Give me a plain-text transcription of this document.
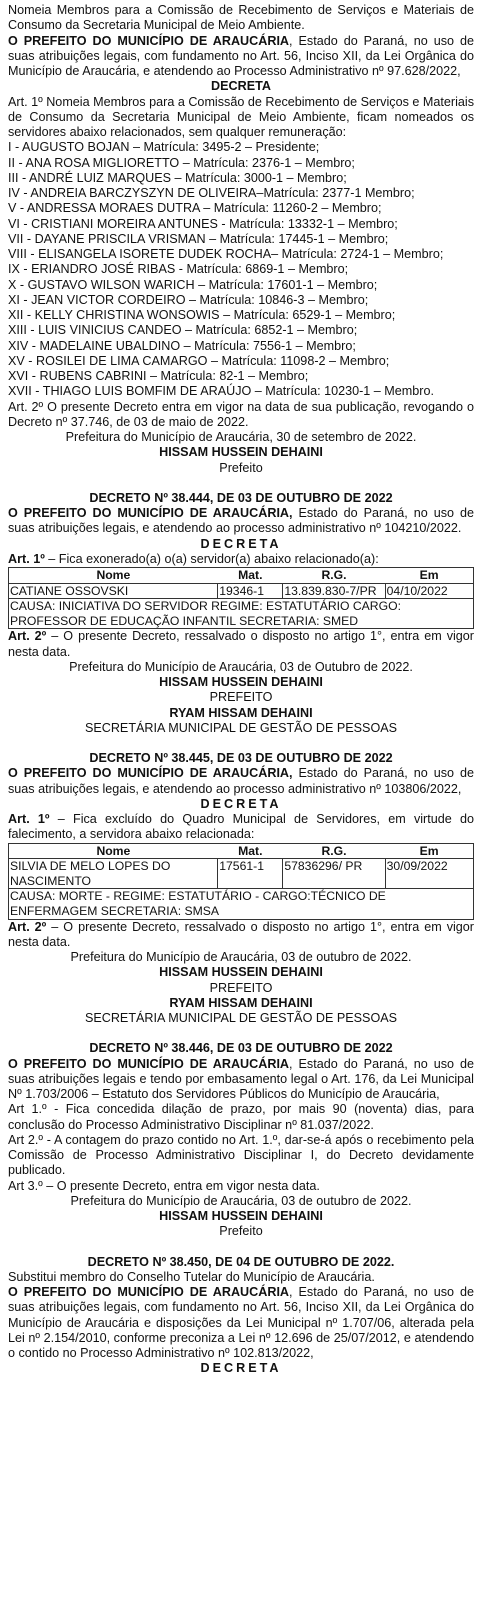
Nomeia Membros para a Comissão de Recebimento de Serviços e Materiais de Consumo da Secretaria Municipal de Meio Ambiente.

O PREFEITO DO MUNICÍPIO DE ARAUCÁRIA, Estado do Paraná, no uso de suas atribuições legais, com fundamento no Art. 56, Inciso XII, da Lei Orgânica do Município de Araucária, e atendendo ao Processo Administrativo nº 97.628/2022,

DECRETA

Art. 1º Nomeia Membros para a Comissão de Recebimento de Serviços e Materiais de Consumo da Secretaria Municipal de Meio Ambiente, ficam nomeados os servidores abaixo relacionados, sem qualquer remuneração:

I - AUGUSTO BOJAN – Matrícula: 3495-2 – Presidente;

II - ANA ROSA MIGLIORETTO – Matrícula: 2376-1 – Membro;

III - ANDRÉ LUIZ MARQUES – Matrícula: 3000-1 – Membro;

IV - ANDREIA BARCZYSZYN DE OLIVEIRA–Matrícula: 2377-1 Membro;

V - ANDRESSA MORAES DUTRA – Matrícula: 11260-2 – Membro;

VI - CRISTIANI MOREIRA ANTUNES - Matrícula: 13332-1 – Membro;

VII - DAYANE PRISCILA VRISMAN – Matrícula: 17445-1 – Membro;

VIII - ELISANGELA ISORETE DUDEK ROCHA– Matrícula: 2724-1 – Membro;

IX - ERIANDRO JOSÉ RIBAS - Matrícula: 6869-1 – Membro;

X - GUSTAVO WILSON WARICH – Matrícula: 17601-1 – Membro;

XI - JEAN VICTOR CORDEIRO – Matrícula: 10846-3 – Membro;

XII - KELLY CHRISTINA WONSOWIS – Matrícula: 6529-1 – Membro;

XIII - LUIS VINICIUS CANDEO – Matrícula: 6852-1 – Membro;

XIV - MADELAINE UBALDINO – Matrícula: 7556-1 – Membro;

XV - ROSILEI DE LIMA CAMARGO – Matrícula: 11098-2 – Membro;

XVI - RUBENS CABRINI – Matrícula: 82-1 – Membro;

XVII - THIAGO LUIS BOMFIM DE ARAÚJO – Matrícula: 10230-1 – Membro.

Art. 2º O presente Decreto entra em vigor na data de sua publicação, revogando o Decreto nº 37.746, de 03 de maio de 2022.

Prefeitura do Município de Araucária, 30 de setembro de 2022.

HISSAM HUSSEIN DEHAINI

Prefeito

DECRETO Nº 38.444, DE 03 DE OUTUBRO DE 2022

O PREFEITO DO MUNICÍPIO DE ARAUCÁRIA, Estado do Paraná, no uso de suas atribuições legais, e atendendo ao processo administrativo nº 104210/2022.

DECRETA

Art. 1º – Fica exonerado(a) o(a) servidor(a) abaixo relacionado(a):

Nome	Mat.	R.G.	Em
CATIANE OSSOVSKI	19346-1	13.839.830-7/PR	04/10/2022
CAUSA: INICIATIVA DO SERVIDOR REGIME: ESTATUTÁRIO CARGO: PROFESSOR DE EDUCAÇÃO INFANTIL SECRETARIA: SMED			

Art. 2º – O presente Decreto, ressalvado o disposto no artigo 1°, entra em vigor nesta data.

Prefeitura do Município de Araucária, 03 de Outubro de 2022.

HISSAM HUSSEIN DEHAINI

PREFEITO

RYAM HISSAM DEHAINI

SECRETÁRIA MUNICIPAL DE GESTÃO DE PESSOAS

DECRETO Nº 38.445, DE 03 DE OUTUBRO DE 2022

O PREFEITO DO MUNICÍPIO DE ARAUCÁRIA, Estado do Paraná, no uso de suas atribuições legais, e atendendo ao processo administrativo nº 103806/2022,

DECRETA

Art. 1º – Fica excluído do Quadro Municipal de Servidores, em virtude do falecimento, a servidora abaixo relacionada:

Nome	Mat.	R.G.	Em
SILVIA DE MELO LOPES DO NASCIMENTO	17561-1	57836296/ PR	30/09/2022
CAUSA: MORTE - REGIME: ESTATUTÁRIO - CARGO:TÉCNICO DE ENFERMAGEM SECRETARIA: SMSA			

Art. 2º – O presente Decreto, ressalvado o disposto no artigo 1°, entra em vigor nesta data.

Prefeitura do Município de Araucária, 03 de outubro de 2022.

HISSAM HUSSEIN DEHAINI

PREFEITO

RYAM HISSAM DEHAINI

SECRETÁRIA MUNICIPAL DE GESTÃO DE PESSOAS

DECRETO Nº 38.446, DE 03 DE OUTUBRO DE 2022

O PREFEITO DO MUNICÍPIO DE ARAUCÁRIA, Estado do Paraná, no uso de suas atribuições legais e tendo por embasamento legal o Art. 176, da Lei Municipal Nº 1.703/2006 – Estatuto dos Servidores Públicos do Município de Araucária,

Art 1.º - Fica concedida dilação de prazo, por mais 90 (noventa) dias, para conclusão do Processo Administrativo Disciplinar nº 81.037/2022.

Art 2.º - A contagem do prazo contido no Art. 1.º, dar-se-á após o recebimento pela Comissão de Processo Administrativo Disciplinar I, do Decreto devidamente publicado.

Art 3.º – O presente Decreto, entra em vigor nesta data.

Prefeitura do Município de Araucária, 03 de outubro de 2022.

HISSAM HUSSEIN DEHAINI

Prefeito

DECRETO Nº 38.450, DE 04 DE OUTUBRO DE 2022.

Substitui membro do Conselho Tutelar do Município de Araucária.

O PREFEITO DO MUNICÍPIO DE ARAUCÁRIA, Estado do Paraná, no uso de suas atribuições legais, com fundamento no Art. 56, Inciso XII, da Lei Orgânica do Município de Araucária e disposições da Lei Municipal nº 1.707/06, alterada pela Lei nº 2.154/2010, conforme preconiza a Lei nº 12.696 de 25/07/2012, e atendendo o contido no Processo Administrativo nº 102.813/2022,

DECRETA
